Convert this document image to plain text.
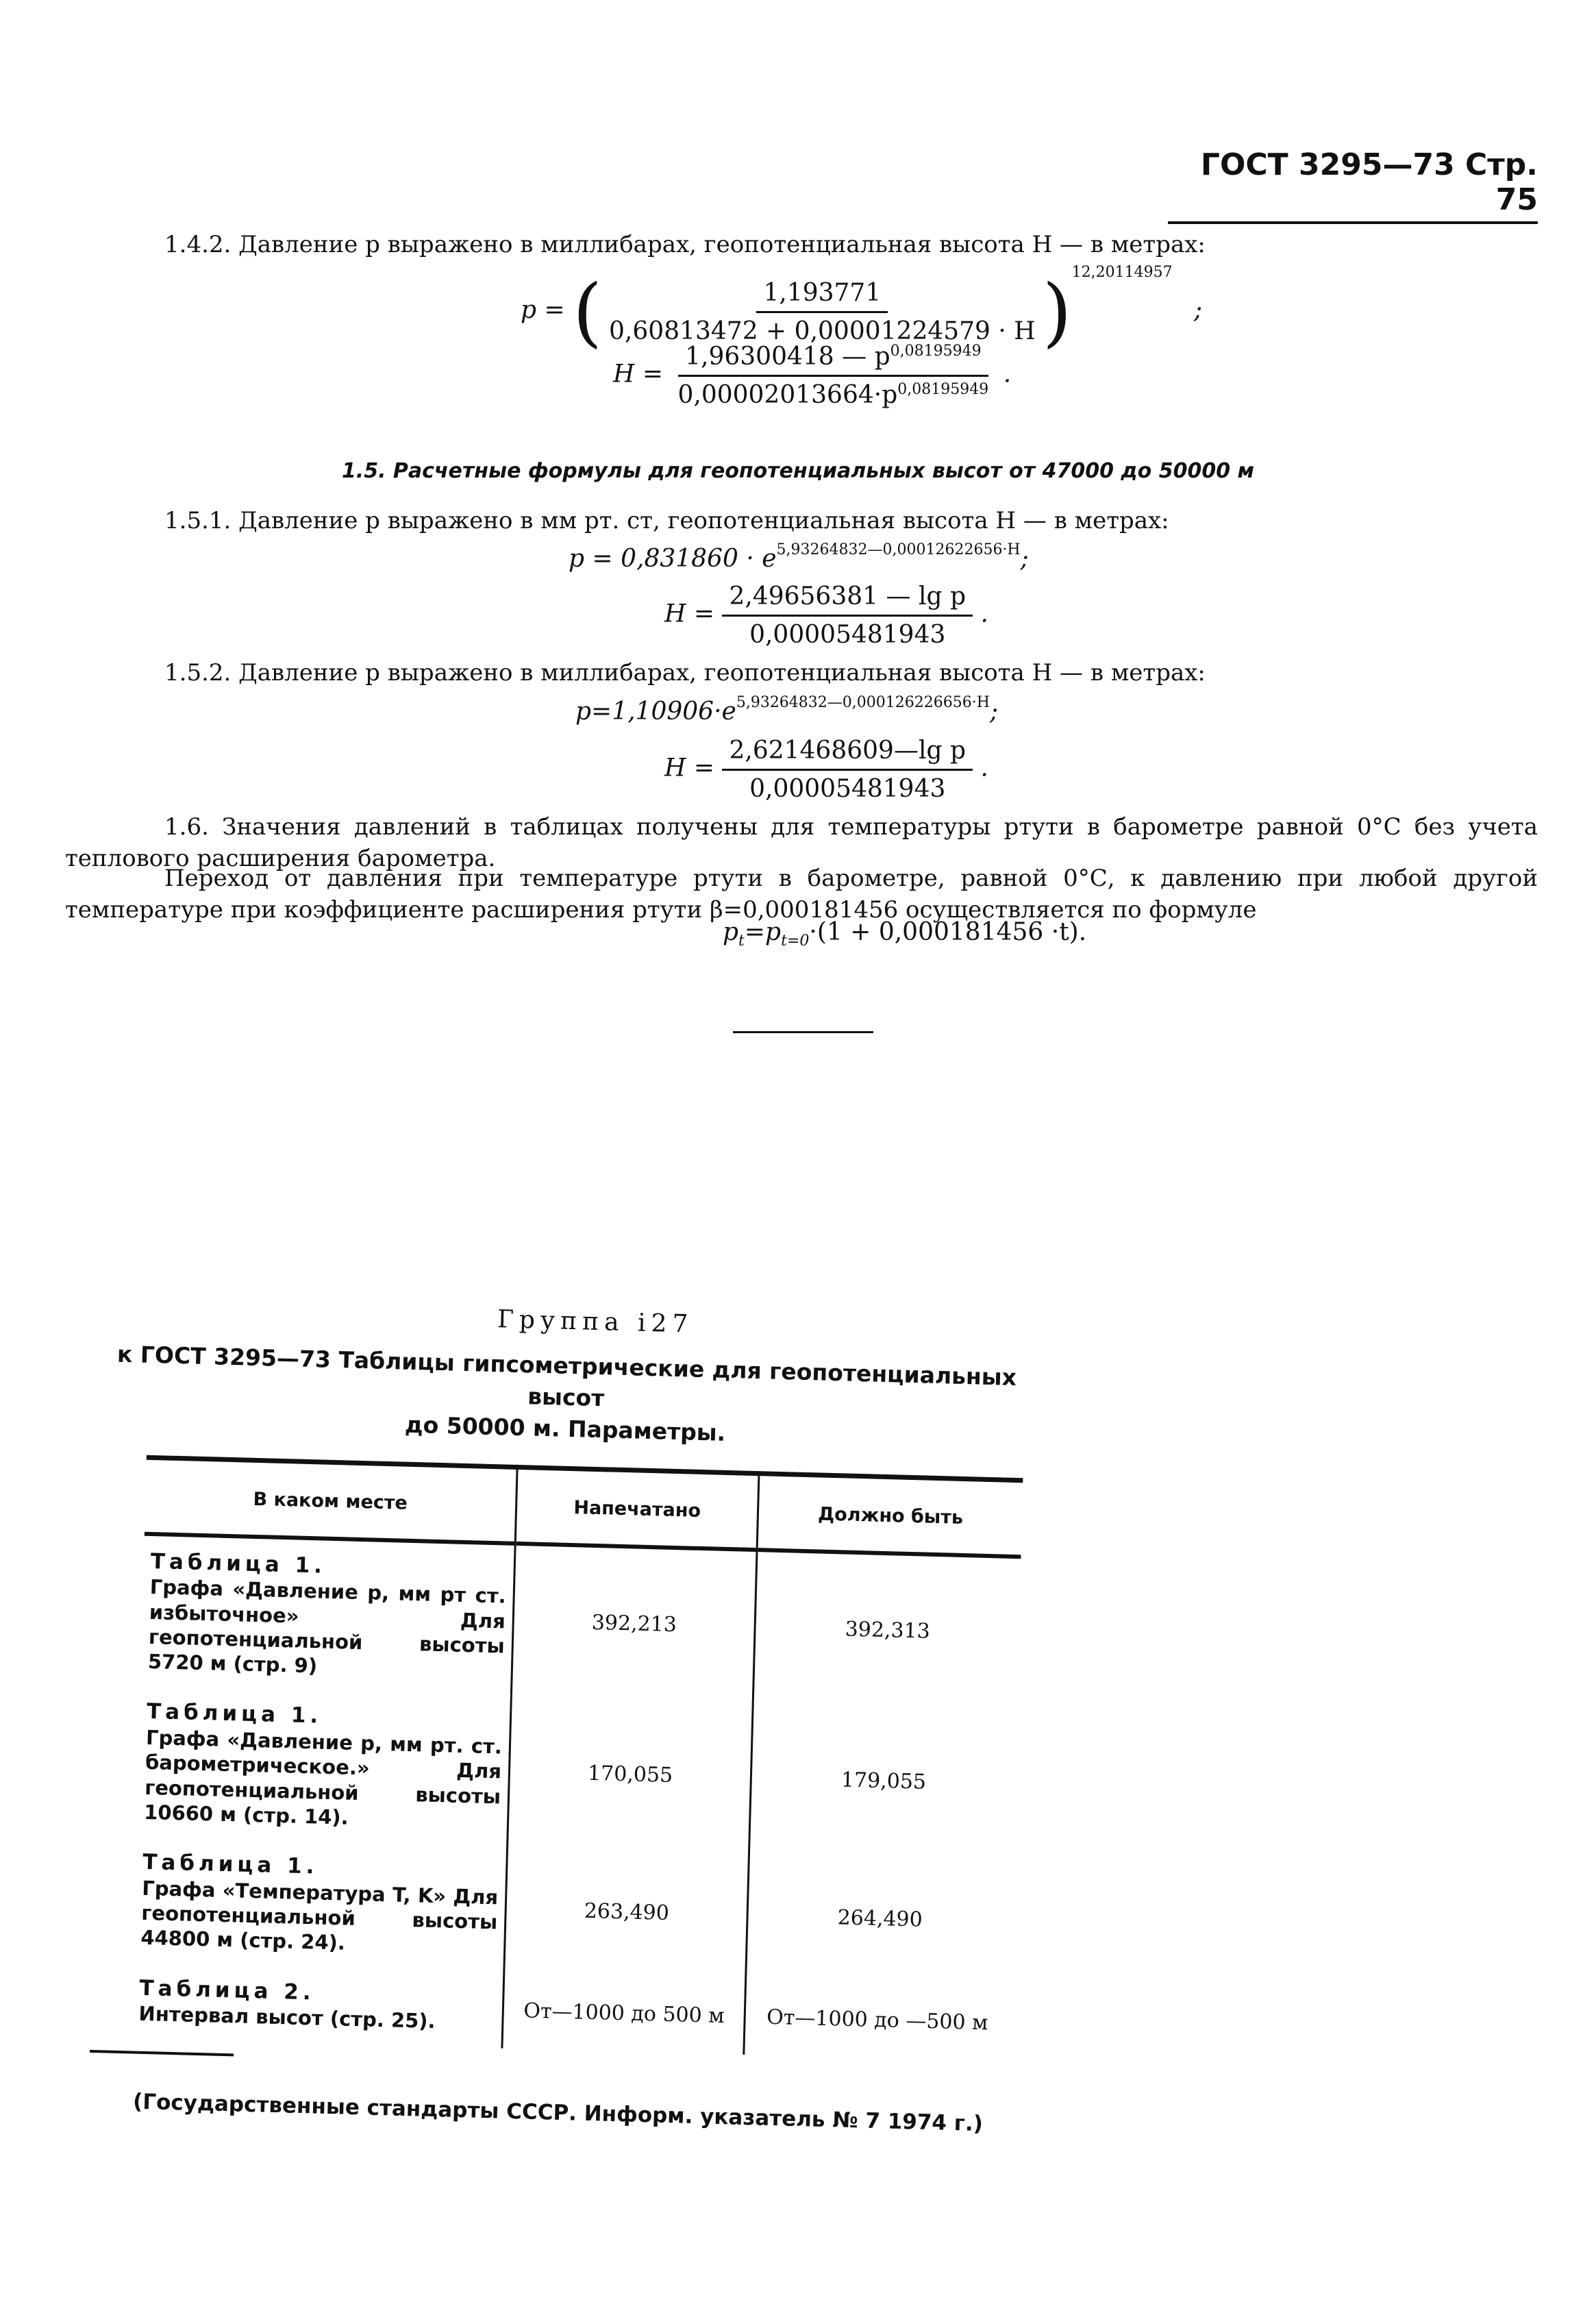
ГОСТ 3295—73 Стр. 75
1.4.2. Давление p выражено в миллибарах, геопотенциальная высота H — в метрах:
p = ( $\frac{1,193771}{0,60813472 + 0,00001224579 \cdot H} )^{12,20114957}$ ;
$H = \frac{1,96300418 — p^{0,08195949}}{0,00002013664\cdot p^{0,08195949}}$ .
1.5. Расчетные формулы для геопотенциальных высот от 47000 до 50000 м
1.5.1. Давление p выражено в мм рт. ст, геопотенциальная высота H — в метрах:
$p = 0,831860 \cdot e^{5,93264832—0,00012622656\cdot H}$;
$H = \frac{\text{2,49656381 — lg p}}{0,00005481943}$ .
1.5.2. Давление p выражено в миллибарах, геопотенциальная высота H — в метрах:
$p=1,10906\cdot e^{5,93264832—0,000126226656\cdot H}$;
$H = \frac{\text{2,621468609—lg p}}{0,00005481943}$ .
1.6. Значения давлений в таблицах получены для температуры ртути в барометре равной 0°С без учета теплового расширения барометра.
Переход от давления при температуре ртути в барометре, равной 0°С, к давлению при любой другой температуре при коэффициенте расширения ртути β=0,000181456 осуществляется по формуле
$p_t=p_{t=0}\cdot(1 + 0,000181456 \cdot t)$.
Группа i27
к ГОСТ 3295—73 Таблицы гипсометрические для геопотенциальных высот
до 50000 м. Параметры.
В каком месте	Напечатано	Должно быть

Таблица 1.
Графа «Давление p, мм рт ст. избыточное» Для геопотенциальной высоты 5720 м (стр. 9)	392,213	392,313

Таблица 1.
Графа «Давление p, мм рт. ст. барометрическое.» Для геопотенциальной высоты 10660 м (стр. 14).	170,055	179,055

Таблица 1.
Графа «Температура T, K» Для геопотенциальной высоты 44800 м (стр. 24).	263,490	264,490

Таблица 2.
Интервал высот (стр. 25).	От—1000 до 500 м	От—1000 до —500 м
(Государственные стандарты СССР. Информ. указатель № 7 1974 г.)
